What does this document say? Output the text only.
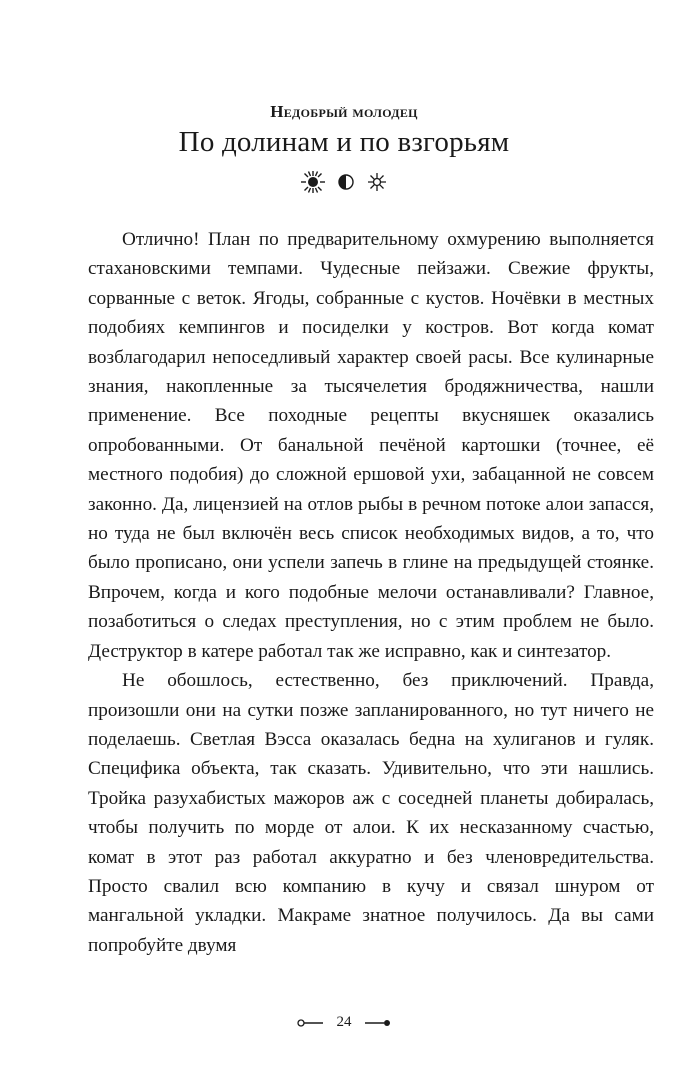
Недобрый молодец
По долинам и по взгорьям

Отлично! План по предварительному охмурению выполняется стахановскими темпами. Чудесные пейзажи. Свежие фрукты, сорванные с веток. Ягоды, собранные с кустов. Ночёвки в местных подобиях кемпингов и посиделки у костров. Вот когда комат возблагодарил непоседливый характер своей расы. Все кулинарные знания, накопленные за тысячелетия бродяжничества, нашли применение. Все походные рецепты вкусняшек оказались опробованными. От банальной печёной картошки (точнее, её местного подобия) до сложной ершовой ухи, забацанной не совсем законно. Да, лицензией на отлов рыбы в речном потоке алои запасся, но туда не был включён весь список необходимых видов, а то, что было прописано, они успели запечь в глине на предыдущей стоянке. Впрочем, когда и кого подобные мелочи останавливали? Главное, позаботиться о следах преступления, но с этим проблем не было. Деструктор в катере работал так же исправно, как и синтезатор.

Не обошлось, естественно, без приключений. Правда, произошли они на сутки позже запланированного, но тут ничего не поделаешь. Светлая Вэсса оказалась бедна на хулиганов и гуляк. Специфика объекта, так сказать. Удивительно, что эти нашлись. Тройка разухабистых мажоров аж с соседней планеты добиралась, чтобы получить по морде от алои. К их несказанному счастью, комат в этот раз работал аккуратно и без членовредительства. Просто свалил всю компанию в кучу и связал шнуром от мангальной укладки. Макраме знатное получилось. Да вы сами попробуйте двумя

24
